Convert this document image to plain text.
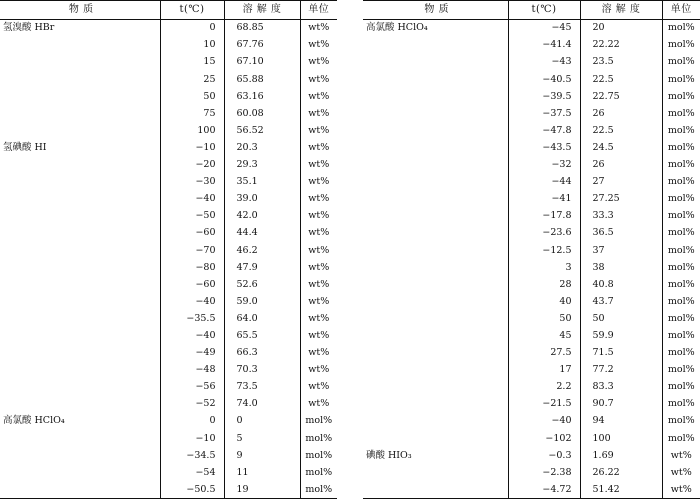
物 质	t(℃)	溶 解 度	单位
氢溴酸 HBr	0	68.85	wt%
	10	67.76	wt%
	15	67.10	wt%
	25	65.88	wt%
	50	63.16	wt%
	75	60.08	wt%
	100	56.52	wt%
氢碘酸 HI	−10	20.3	wt%
	−20	29.3	wt%
	−30	35.1	wt%
	−40	39.0	wt%
	−50	42.0	wt%
	−60	44.4	wt%
	−70	46.2	wt%
	−80	47.9	wt%
	−60	52.6	wt%
	−40	59.0	wt%
	−35.5	64.0	wt%
	−40	65.5	wt%
	−49	66.3	wt%
	−48	70.3	wt%
	−56	73.5	wt%
	−52	74.0	wt%
高氯酸 HClO₄	0	0	mol%
	−10	5	mol%
	−34.5	9	mol%
	−54	11	mol%
	−50.5	19	mol%
物 质	t(℃)	溶 解 度	单位
高氯酸 HClO₄	−45	20	mol%
	−41.4	22.22	mol%
	−43	23.5	mol%
	−40.5	22.5	mol%
	−39.5	22.75	mol%
	−37.5	26	mol%
	−47.8	22.5	mol%
	−43.5	24.5	mol%
	−32	26	mol%
	−44	27	mol%
	−41	27.25	mol%
	−17.8	33.3	mol%
	−23.6	36.5	mol%
	−12.5	37	mol%
	3	38	mol%
	28	40.8	mol%
	40	43.7	mol%
	50	50	mol%
	45	59.9	mol%
	27.5	71.5	mol%
	17	77.2	mol%
	2.2	83.3	mol%
	−21.5	90.7	mol%
	−40	94	mol%
	−102	100	mol%
碘酸 HIO₃	−0.3	1.69	wt%
	−2.38	26.22	wt%
	−4.72	51.42	wt%
